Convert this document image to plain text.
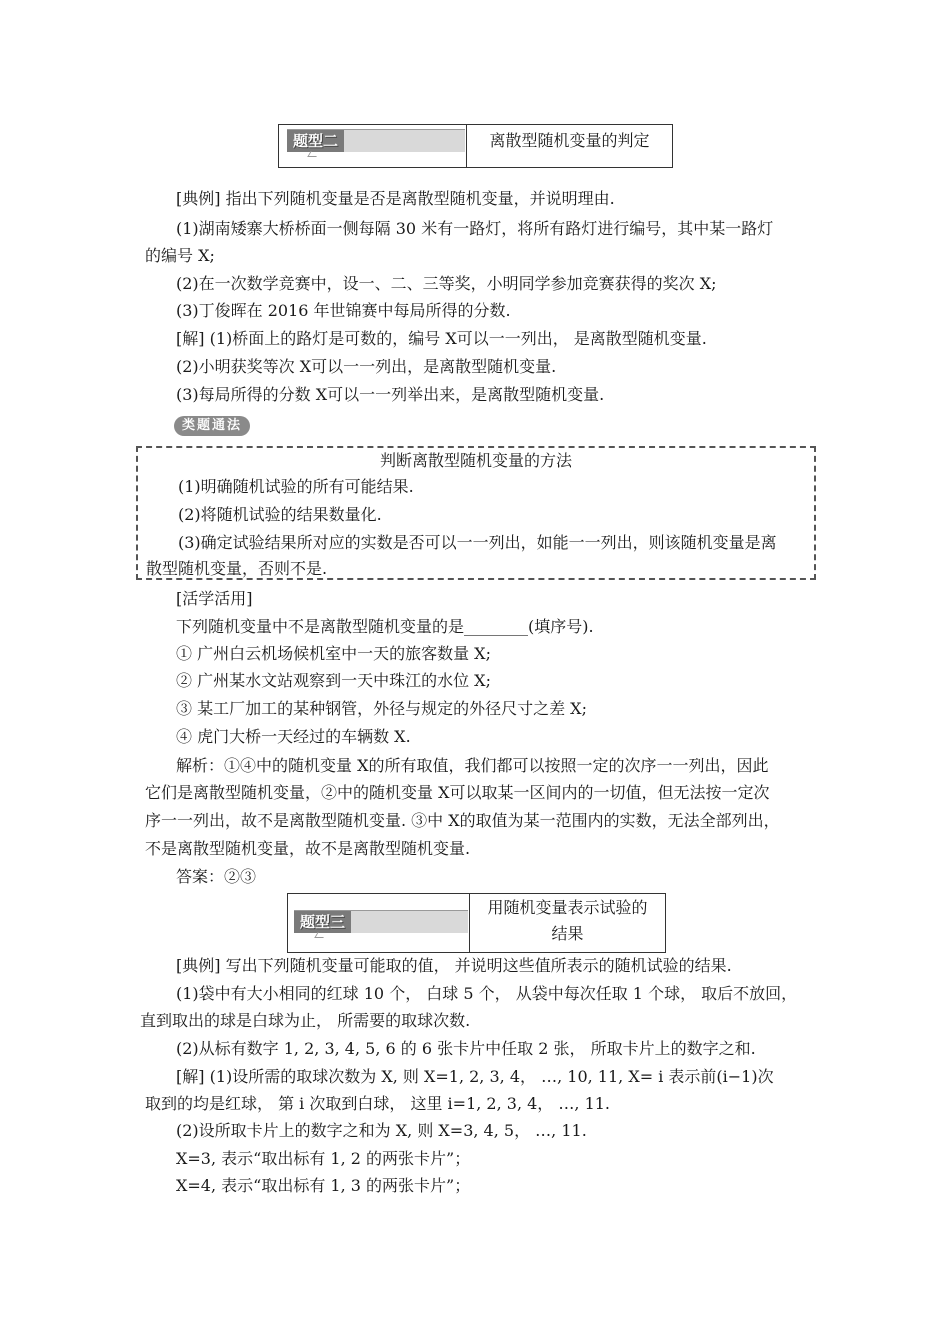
题型二	离散型随机变量的判定
[典例] 指出下列随机变量是否是离散型随机变量，并说明理由.
(1)湖南矮寨大桥桥面一侧每隔 30 米有一路灯，将所有路灯进行编号，其中某一路灯
的编号 X;
(2)在一次数学竞赛中，设一、二、三等奖，小明同学参加竞赛获得的奖次 X;
(3)丁俊晖在 2016 年世锦赛中每局所得的分数.
[解] (1)桥面上的路灯是可数的，编号 X可以一一列出， 是离散型随机变量.
(2)小明获奖等次 X可以一一列出，是离散型随机变量.
(3)每局所得的分数 X可以一一列举出来，是离散型随机变量.
类题通法
判断离散型随机变量的方法
(1)明确随机试验的所有可能结果.
(2)将随机试验的结果数量化.
(3)确定试验结果所对应的实数是否可以一一列出，如能一一列出，则该随机变量是离
散型随机变量，否则不是.
[活学活用]
下列随机变量中不是离散型随机变量的是________(填序号).
① 广州白云机场候机室中一天的旅客数量 X;
② 广州某水文站观察到一天中珠江的水位 X;
③ 某工厂加工的某种钢管，外径与规定的外径尺寸之差 X;
④ 虎门大桥一天经过的车辆数 X.
解析：①④中的随机变量 X的所有取值，我们都可以按照一定的次序一一列出，因此
它们是离散型随机变量，②中的随机变量 X可以取某一区间内的一切值，但无法按一定次
序一一列出，故不是离散型随机变量. ③中 X的取值为某一范围内的实数，无法全部列出，
不是离散型随机变量，故不是离散型随机变量.
答案：②③
题型三
用随机变量表示试验的
结果
[典例] 写出下列随机变量可能取的值， 并说明这些值所表示的随机试验的结果.
(1)袋中有大小相同的红球 10 个， 白球 5 个， 从袋中每次任取 1 个球， 取后不放回，
直到取出的球是白球为止， 所需要的取球次数.
(2)从标有数字 1, 2, 3, 4, 5, 6 的 6 张卡片中任取 2 张， 所取卡片上的数字之和.
[解] (1)设所需的取球次数为 X, 则 X=1, 2, 3, 4， …, 10, 11, X= i 表示前(i−1)次
取到的均是红球， 第 i 次取到白球， 这里 i=1, 2, 3, 4， …, 11.
(2)设所取卡片上的数字之和为 X, 则 X=3, 4, 5， …, 11.
X=3, 表示“取出标有 1, 2 的两张卡片”；
X=4, 表示“取出标有 1, 3 的两张卡片”；
